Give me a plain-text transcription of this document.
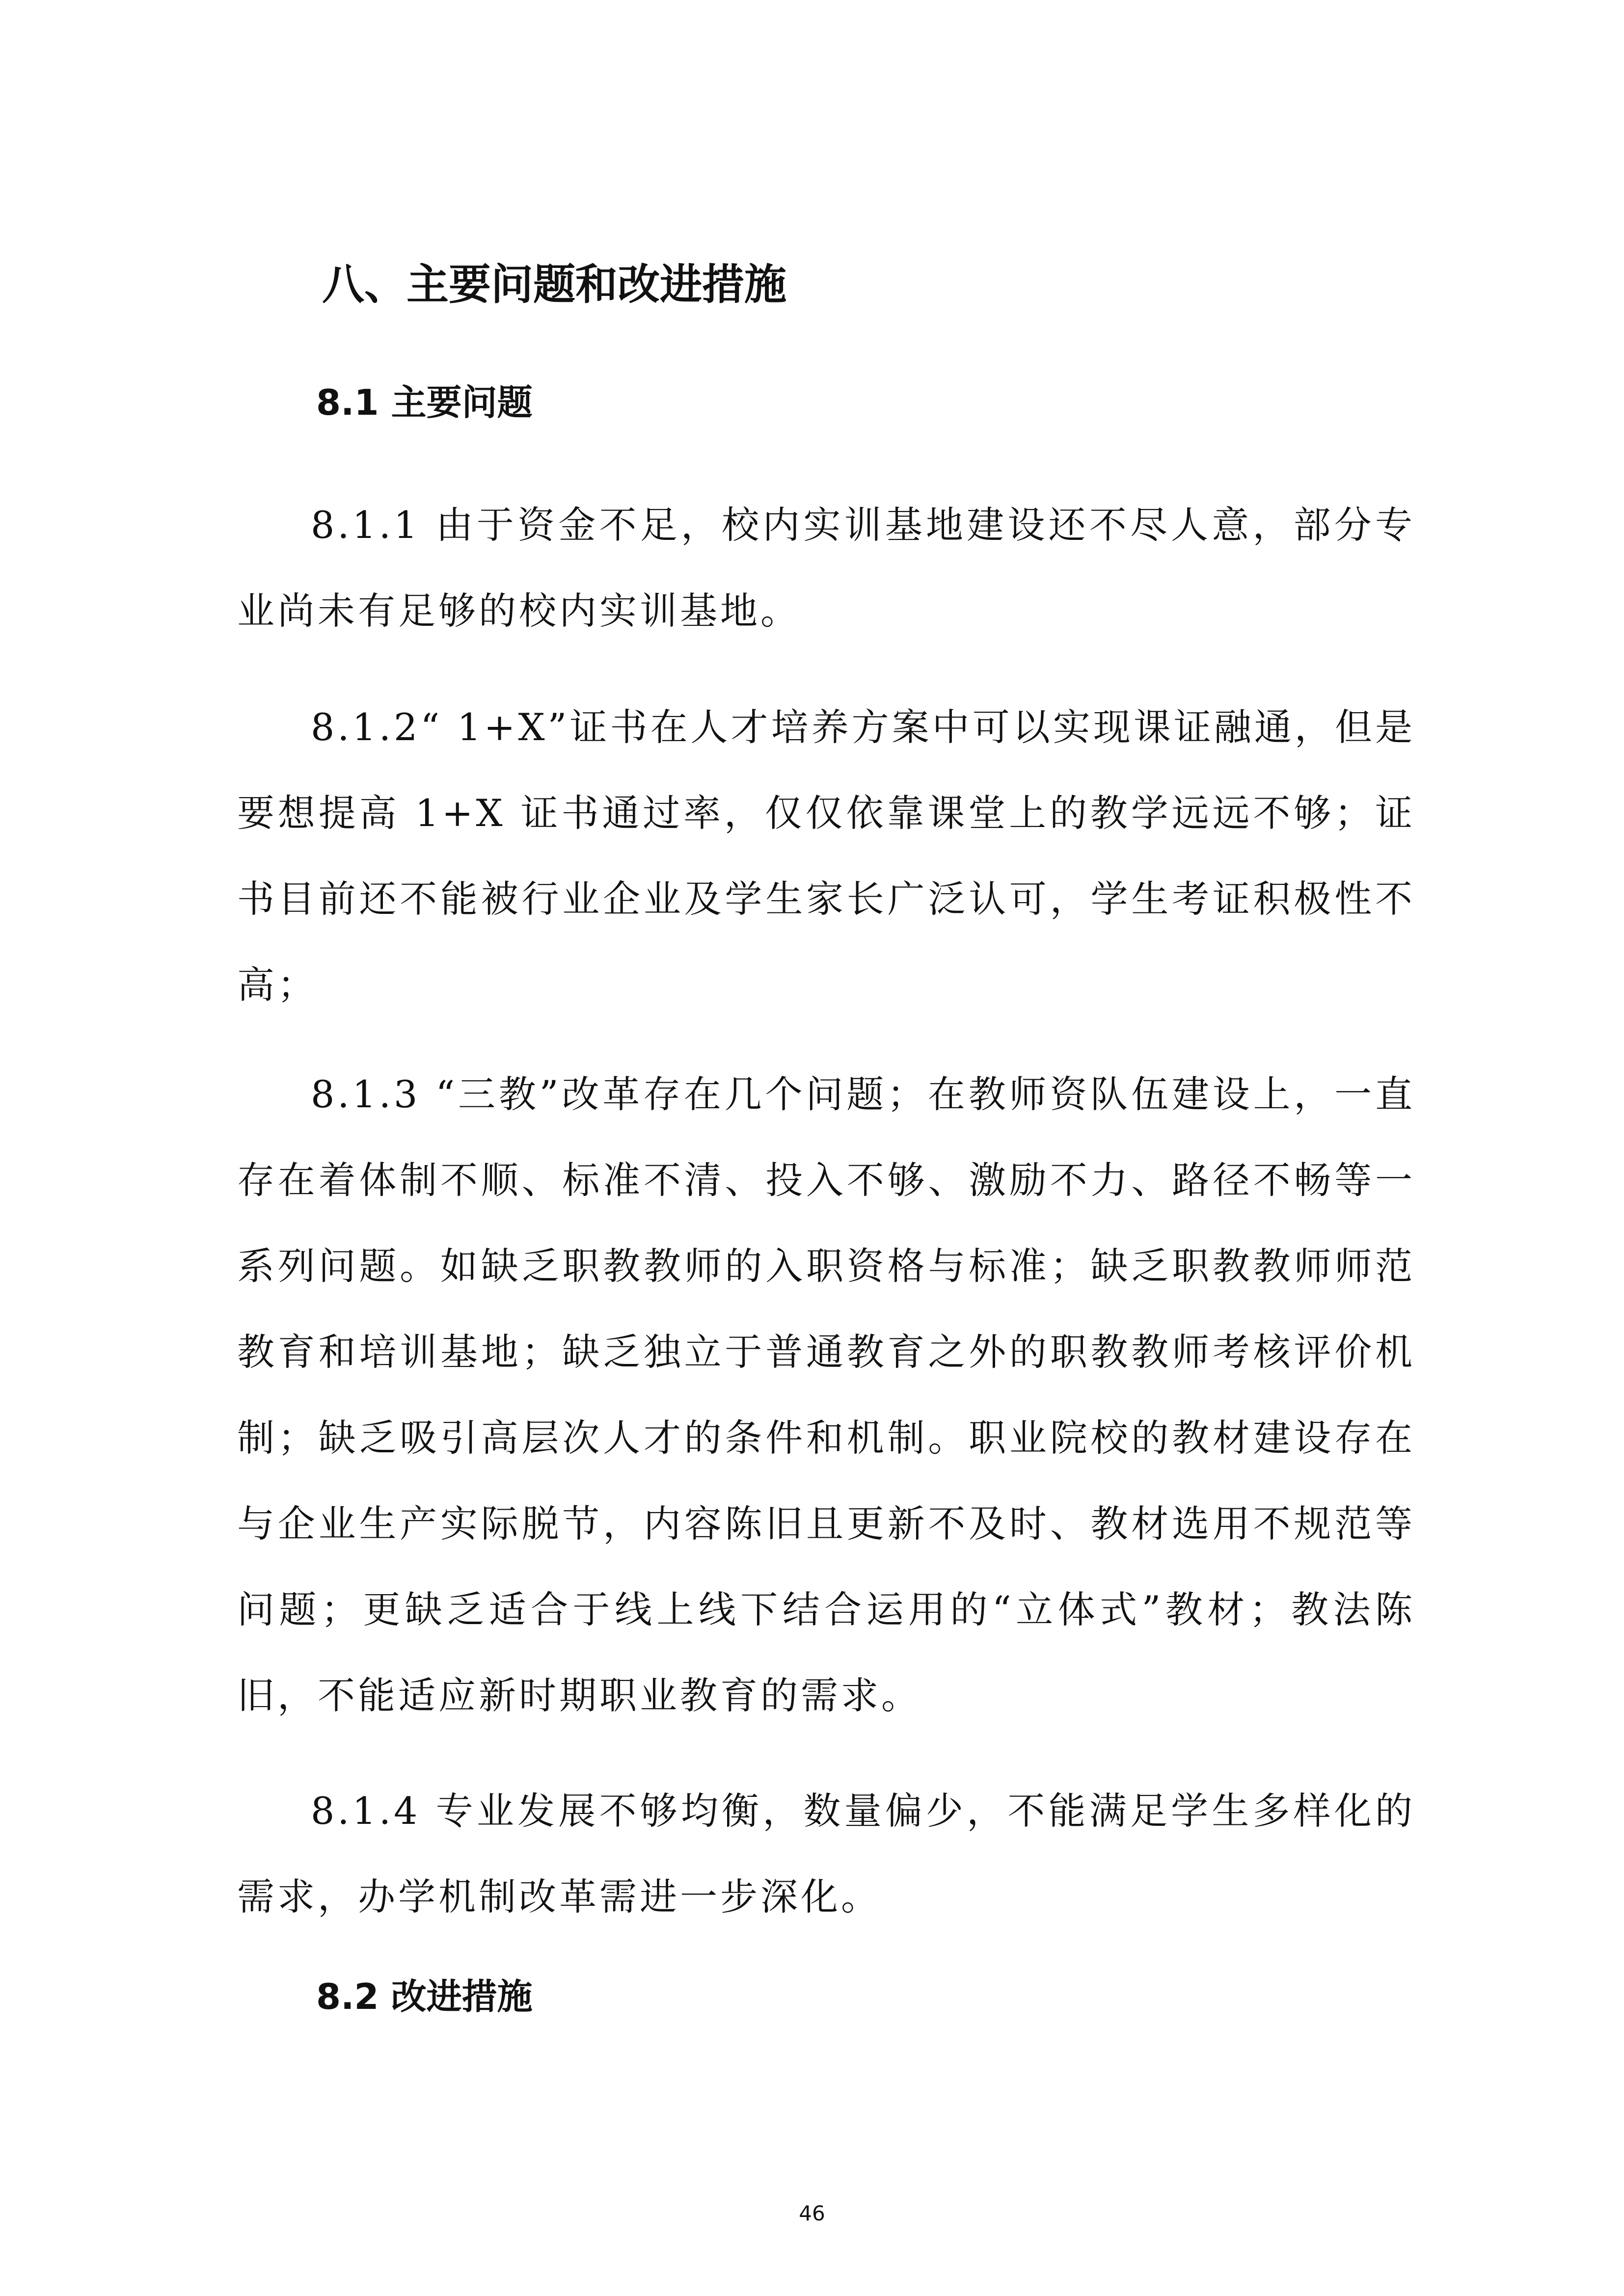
八、主要问题和改进措施
8.1 主要问题

8.1.1 由于资金不足，校内实训基地建设还不尽人意，部分专业尚未有足够的校内实训基地。

8.1.2“ 1+X”证书在人才培养方案中可以实现课证融通，但是要想提高 1+X 证书通过率，仅仅依靠课堂上的教学远远不够；证书目前还不能被行业企业及学生家长广泛认可，学生考证积极性不高；

8.1.3 “三教”改革存在几个问题；在教师资队伍建设上，一直存在着体制不顺、标准不清、投入不够、激励不力、路径不畅等一系列问题。如缺乏职教教师的入职资格与标准；缺乏职教教师师范教育和培训基地；缺乏独立于普通教育之外的职教教师考核评价机制；缺乏吸引高层次人才的条件和机制。职业院校的教材建设存在与企业生产实际脱节，内容陈旧且更新不及时、教材选用不规范等问题；更缺乏适合于线上线下结合运用的“立体式”教材；教法陈旧，不能适应新时期职业教育的需求。

8.1.4 专业发展不够均衡，数量偏少，不能满足学生多样化的需求，办学机制改革需进一步深化。

8.2 改进措施
46
